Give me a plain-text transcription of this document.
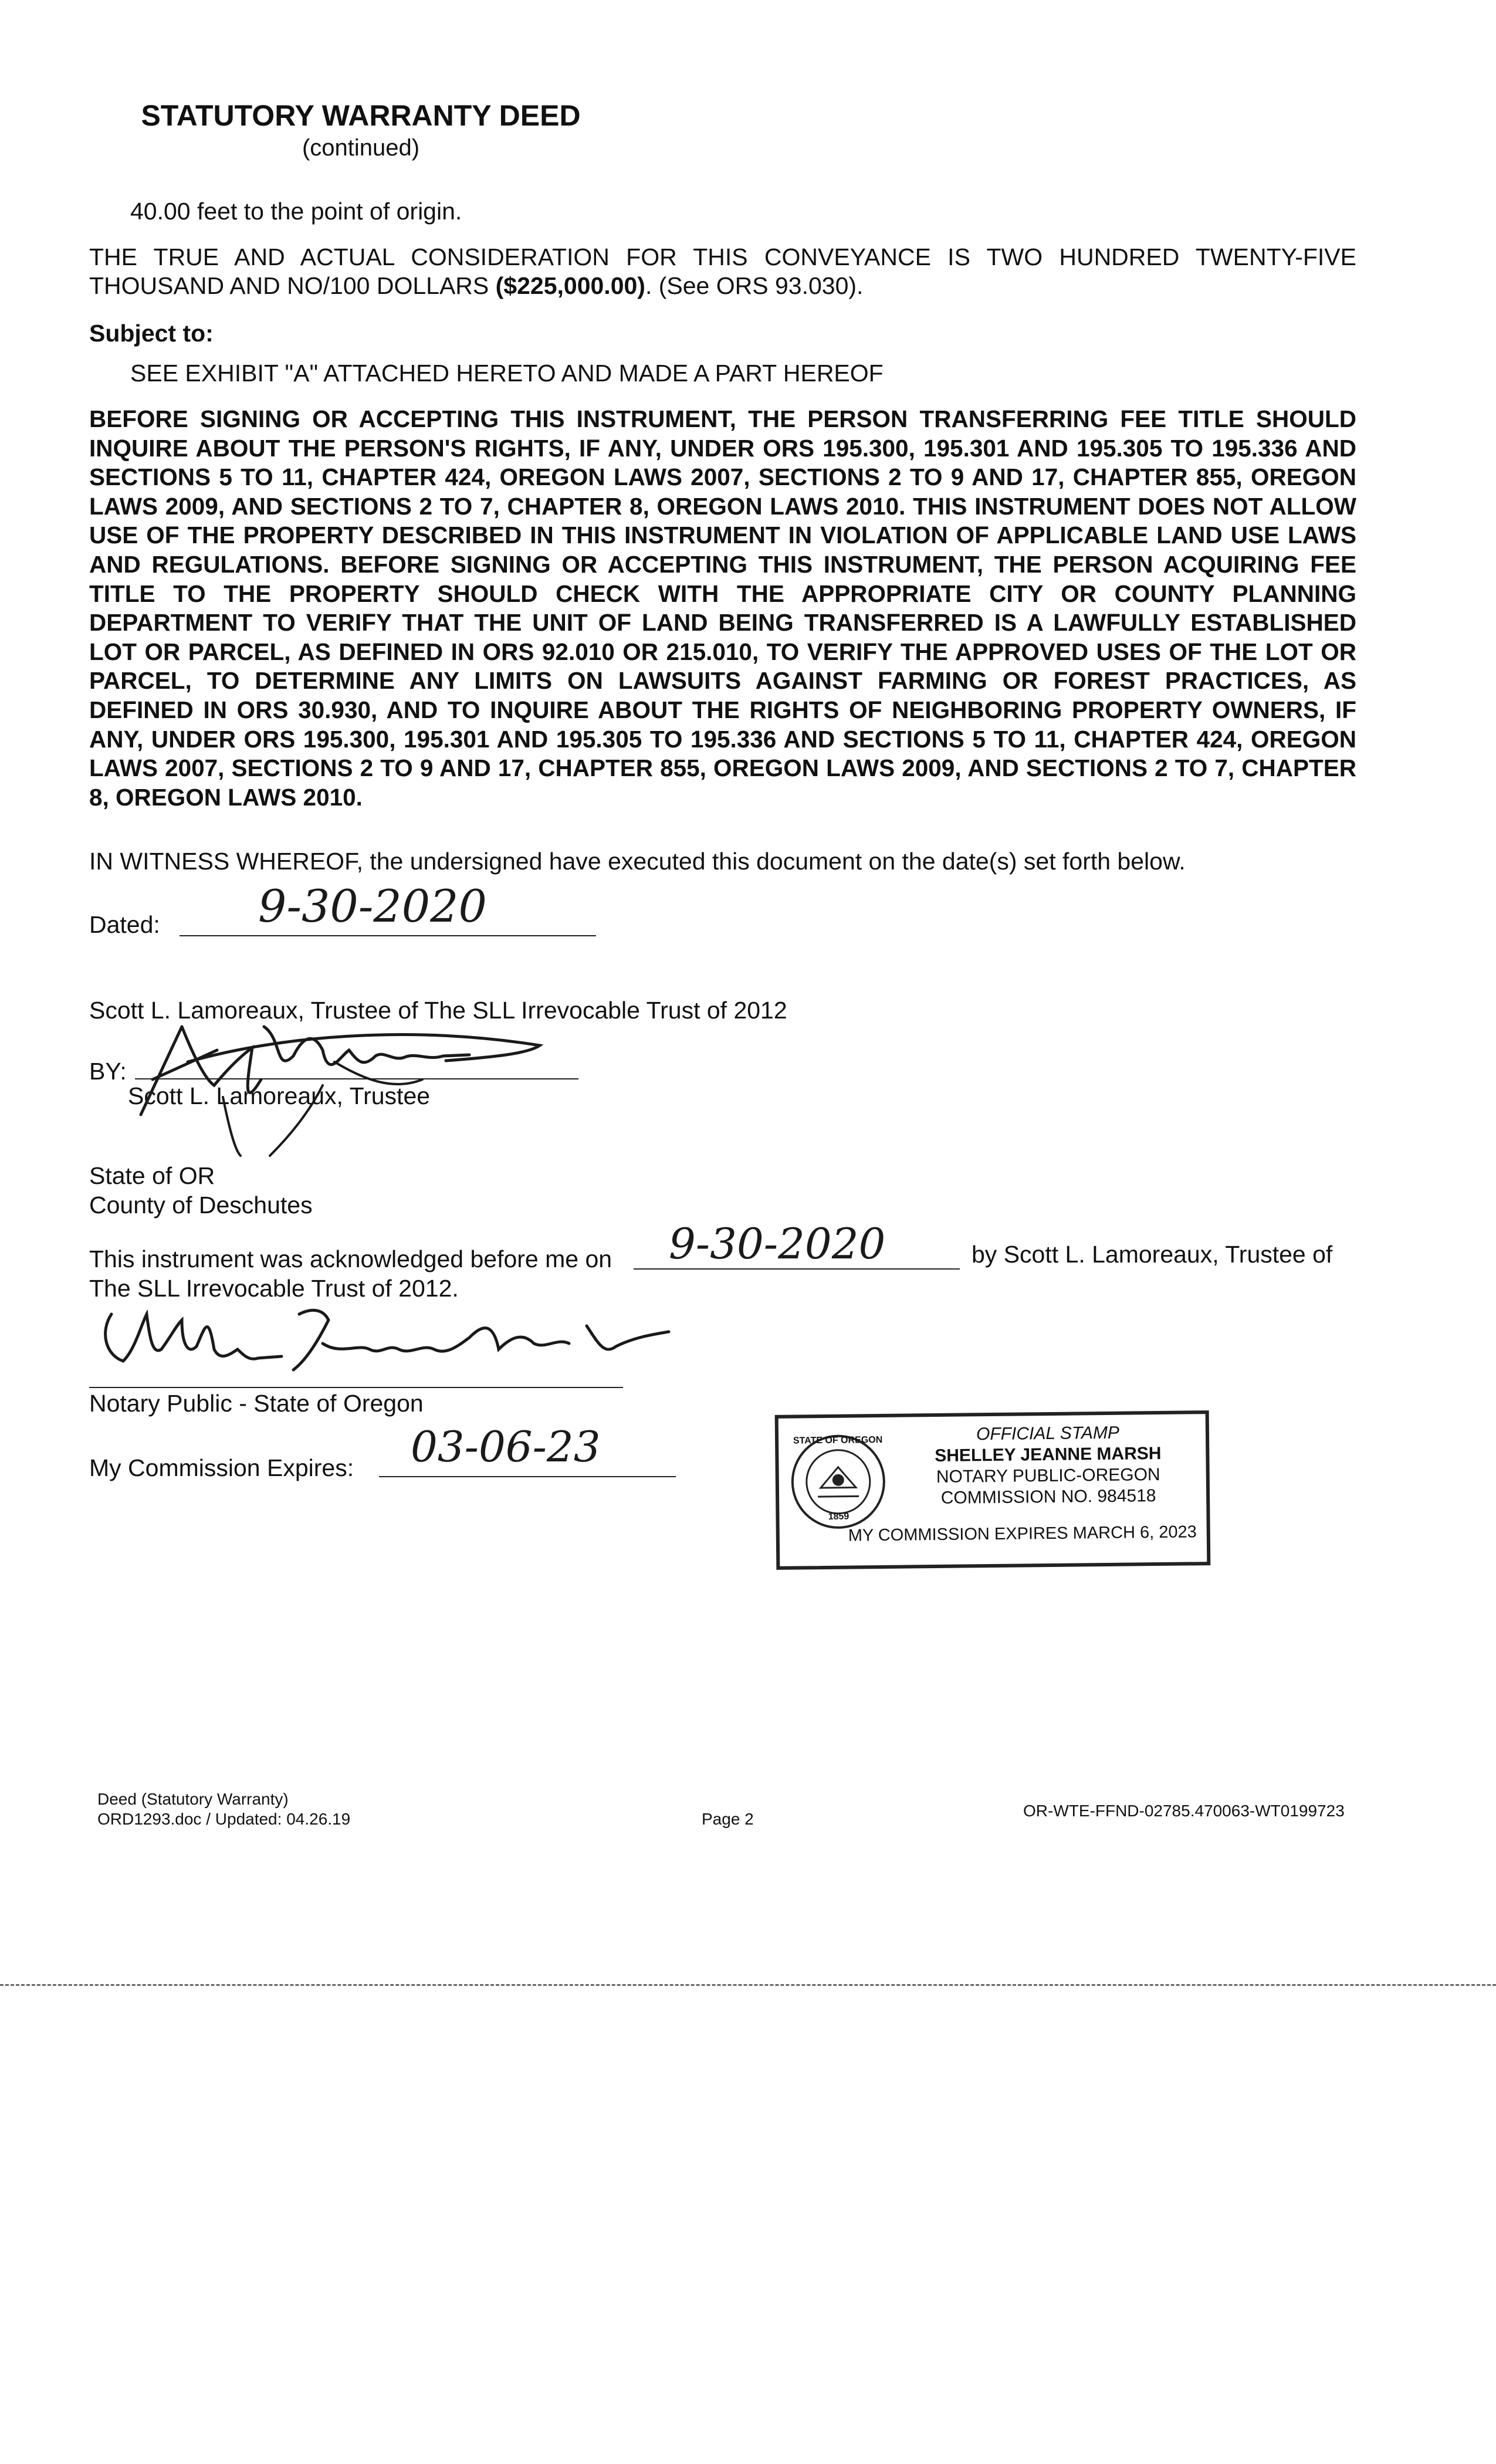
STATUTORY WARRANTY DEED
(continued)
40.00 feet to the point of origin.
THE TRUE AND ACTUAL CONSIDERATION FOR THIS CONVEYANCE IS TWO HUNDRED TWENTY-FIVE THOUSAND AND NO/100 DOLLARS ($225,000.00). (See ORS 93.030).
Subject to:
SEE EXHIBIT "A" ATTACHED HERETO AND MADE A PART HEREOF
BEFORE SIGNING OR ACCEPTING THIS INSTRUMENT, THE PERSON TRANSFERRING FEE TITLE SHOULD INQUIRE ABOUT THE PERSON'S RIGHTS, IF ANY, UNDER ORS 195.300, 195.301 AND 195.305 TO 195.336 AND SECTIONS 5 TO 11, CHAPTER 424, OREGON LAWS 2007, SECTIONS 2 TO 9 AND 17, CHAPTER 855, OREGON LAWS 2009, AND SECTIONS 2 TO 7, CHAPTER 8, OREGON LAWS 2010. THIS INSTRUMENT DOES NOT ALLOW USE OF THE PROPERTY DESCRIBED IN THIS INSTRUMENT IN VIOLATION OF APPLICABLE LAND USE LAWS AND REGULATIONS. BEFORE SIGNING OR ACCEPTING THIS INSTRUMENT, THE PERSON ACQUIRING FEE TITLE TO THE PROPERTY SHOULD CHECK WITH THE APPROPRIATE CITY OR COUNTY PLANNING DEPARTMENT TO VERIFY THAT THE UNIT OF LAND BEING TRANSFERRED IS A LAWFULLY ESTABLISHED LOT OR PARCEL, AS DEFINED IN ORS 92.010 OR 215.010, TO VERIFY THE APPROVED USES OF THE LOT OR PARCEL, TO DETERMINE ANY LIMITS ON LAWSUITS AGAINST FARMING OR FOREST PRACTICES, AS DEFINED IN ORS 30.930, AND TO INQUIRE ABOUT THE RIGHTS OF NEIGHBORING PROPERTY OWNERS, IF ANY, UNDER ORS 195.300, 195.301 AND 195.305 TO 195.336 AND SECTIONS 5 TO 11, CHAPTER 424, OREGON LAWS 2007, SECTIONS 2 TO 9 AND 17, CHAPTER 855, OREGON LAWS 2009, AND SECTIONS 2 TO 7, CHAPTER 8, OREGON LAWS 2010.
IN WITNESS WHEREOF, the undersigned have executed this document on the date(s) set forth below.
Dated: 9-30-2020
Scott L. Lamoreaux, Trustee of The SLL Irrevocable Trust of 2012
BY:
Scott L. Lamoreaux, Trustee
State of OR
County of Deschutes
This instrument was acknowledged before me on 9-30-2020	by Scott L. Lamoreaux, Trustee of
The SLL Irrevocable Trust of 2012.
Notary Public - State of Oregon
My Commission Expires: 03-06-23	STATE OF OREGON
1859
OFFICIAL STAMP
SHELLEY JEANNE MARSH
NOTARY PUBLIC-OREGON
COMMISSION NO. 984518
MY COMMISSION EXPIRES MARCH 6, 2023
Deed (Statutory Warranty)
ORD1293.doc / Updated: 04.26.19	Page 2	OR-WTE-FFND-02785.470063-WT0199723
